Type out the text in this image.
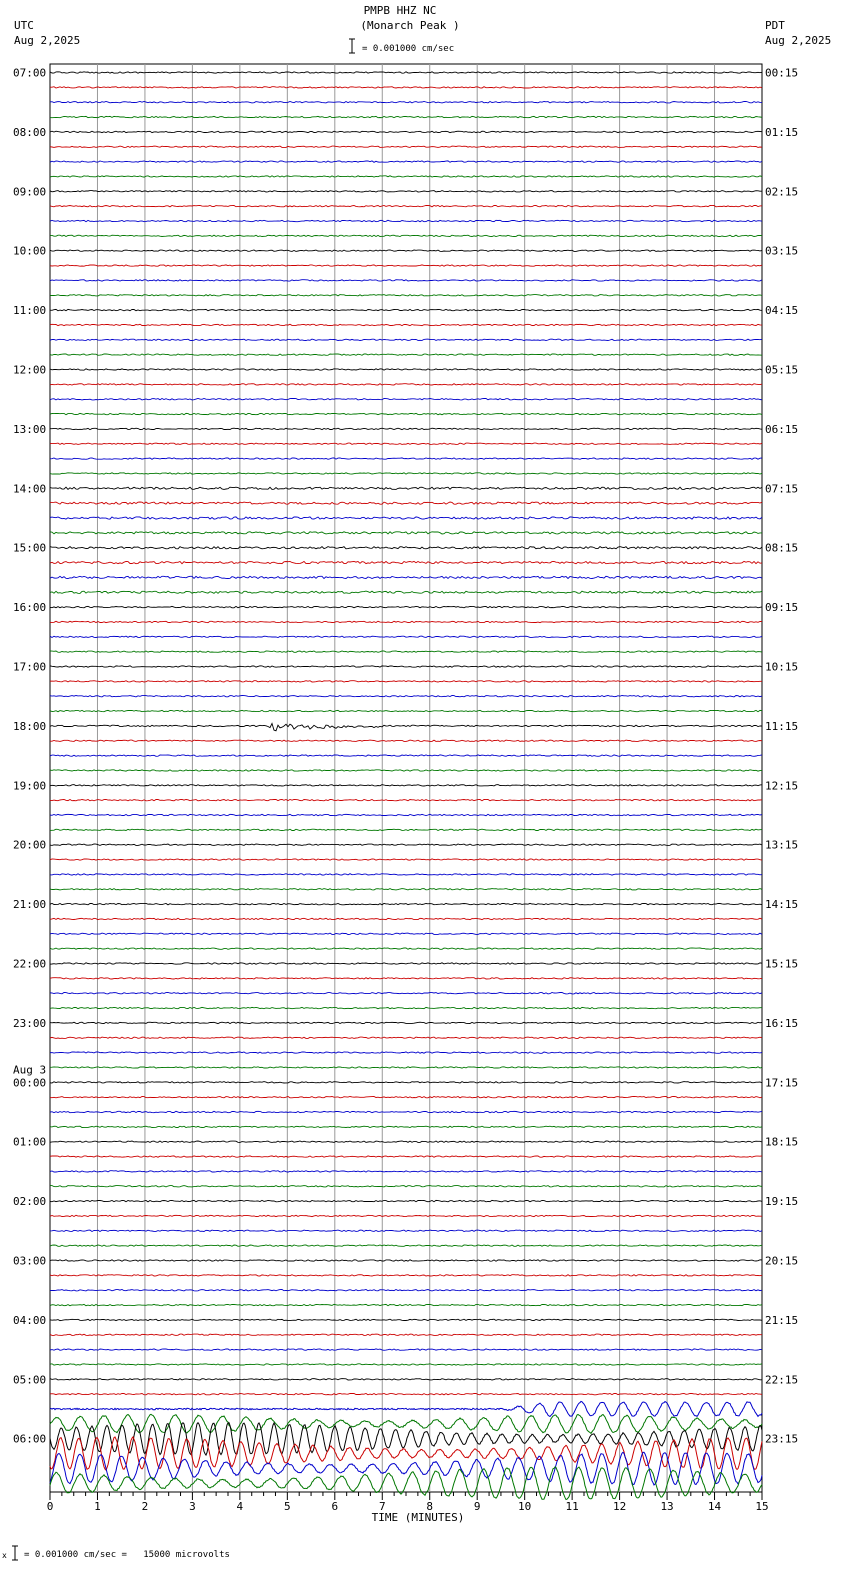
UTC
Aug 2,2025
PDT
Aug 2,2025
PMPB HHZ NC
(Monarch Peak )
= 0.001000 cm/sec
07:00
08:00
09:00
10:00
11:00
12:00
13:00
14:00
15:00
16:00
17:00
18:00
19:00
20:00
21:00
22:00
23:00
00:00
Aug 3
01:00
02:00
03:00
04:00
05:00
06:00
00:15
01:15
02:15
03:15
04:15
05:15
06:15
07:15
08:15
09:15
10:15
11:15
12:15
13:15
14:15
15:15
16:15
17:15
18:15
19:15
20:15
21:15
22:15
23:15
0	1	2	3	4	5	6	7	8	9	10	11	12	13	14	15
TIME (MINUTES)
x = 0.001000 cm/sec =   15000 microvolts
